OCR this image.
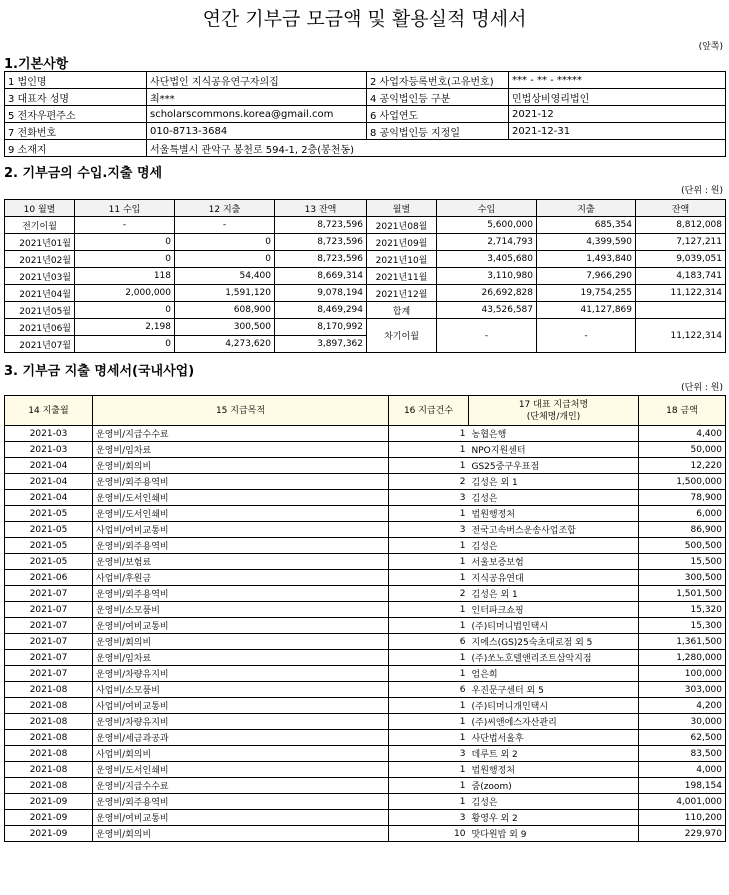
연간 기부금 모금액 및 활용실적 명세서
(앞쪽)
1.기본사항
1 법인명	사단법인 지식공유연구자의집	2 사업자등록번호(고유번호)	*** - ** - *****
3 대표자 성명	최***	4 공익법인등 구분	민법상비영리법인
5 전자우편주소	scholarscommons.korea@gmail.com	6 사업연도	2021-12
7 전화번호	010-8713-3684	8 공익법인등 지정일	2021-12-31
9 소재지	서울특별시 관악구 봉천로 594-1, 2층(봉천동)		
2. 기부금의 수입.지출 명세
(단위 : 원)
10 월별	11 수입	12 지출	13 잔액	월별	수입	지출	잔액
전기이월	-	-	8,723,596	2021년08월	5,600,000	685,354	8,812,008
2021년01월	0	0	8,723,596	2021년09월	2,714,793	4,399,590	7,127,211
2021년02월	0	0	8,723,596	2021년10월	3,405,680	1,493,840	9,039,051
2021년03월	118	54,400	8,669,314	2021년11월	3,110,980	7,966,290	4,183,741
2021년04월	2,000,000	1,591,120	9,078,194	2021년12월	26,692,828	19,754,255	11,122,314
2021년05월	0	608,900	8,469,294	합계	43,526,587	41,127,869	
2021년06월	2,198	300,500	8,170,992	차기이월	-	-	11,122,314
2021년07월	0	4,273,620	3,897,362				
3. 기부금 지출 명세서(국내사업)
(단위 : 원)
14 지출월	15 지급목적	16 지급건수	17 대표 지급처명
(단체명/개인)	18 금액
2021-03	운영비/지급수수료	1	농협은행	4,400
2021-03	운영비/임차료	1	NPO지원센터	50,000
2021-04	운영비/회의비	1	GS25중구우표점	12,220
2021-04	운영비/외주용역비	2	김성은 외 1	1,500,000
2021-04	운영비/도서인쇄비	3	김성은	78,900
2021-05	운영비/도서인쇄비	1	법원행정처	6,000
2021-05	사업비/여비교통비	3	전국고속버스운송사업조합	86,900
2021-05	운영비/외주용역비	1	김성은	500,500
2021-05	운영비/보험료	1	서울보증보험	15,500
2021-06	사업비/후원금	1	지식공유연대	300,500
2021-07	운영비/외주용역비	2	김성은 외 1	1,501,500
2021-07	운영비/소모품비	1	인터파크쇼핑	15,320
2021-07	운영비/여비교통비	1	(주)티머니법인택시	15,300
2021-07	운영비/회의비	6	지에스(GS)25숙초대로점 외 5	1,361,500
2021-07	운영비/임차료	1	(주)쏘노호텔앤리조트삼악지점	1,280,000
2021-07	운영비/차량유지비	1	엄은희	100,000
2021-08	사업비/소모품비	6	우진문구센터 외 5	303,000
2021-08	사업비/여비교통비	1	(주)티머니개인택시	4,200
2021-08	운영비/차량유지비	1	(주)씨앤에스자산관리	30,000
2021-08	운영비/세금과공과	1	사단법서울후	62,500
2021-08	사업비/회의비	3	데루트 외 2	83,500
2021-08	운영비/도서인쇄비	1	법원행정처	4,000
2021-08	운영비/지급수수료	1	줌(zoom)	198,154
2021-09	운영비/외주용역비	1	김성은	4,001,000
2021-09	운영비/여비교통비	3	황영우 외 2	110,200
2021-09	운영비/회의비	10	맛다원밥 외 9	229,970
